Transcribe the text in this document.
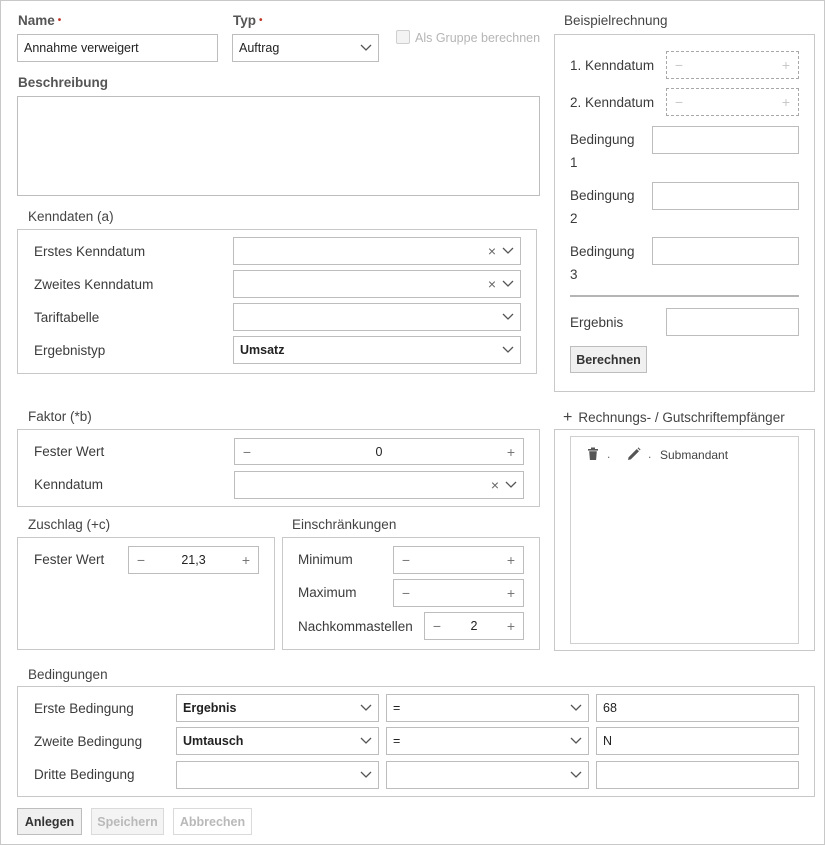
Name •
Annahme verweigert
Typ •
Auftrag
Als Gruppe berechnen
Beschreibung
Kenndaten (a)
Erstes Kenndatum	×
Zweites Kenndatum	×
Tariftabelle
Ergebnistyp	Umsatz
Faktor (*b)
Fester Wert	−	0	+
Kenndatum	×
Zuschlag (+c)
Fester Wert	−	21,3	+
Einschränkungen
Minimum	−	+
Maximum	−	+
Nachkommastellen	−	2	+
Beispielrechnung
1. Kenndatum	−	+
2. Kenndatum	−	+
Bedingung
1
Bedingung
2
Bedingung
3
Ergebnis
Berechnen
+ Rechnungs- / Gutschriftempfänger
.	. Submandant
Bedingungen
Erste Bedingung	Ergebnis	=	68
Zweite Bedingung	Umtausch	=	N
Dritte Bedingung
Anlegen	Speichern	Abbrechen
